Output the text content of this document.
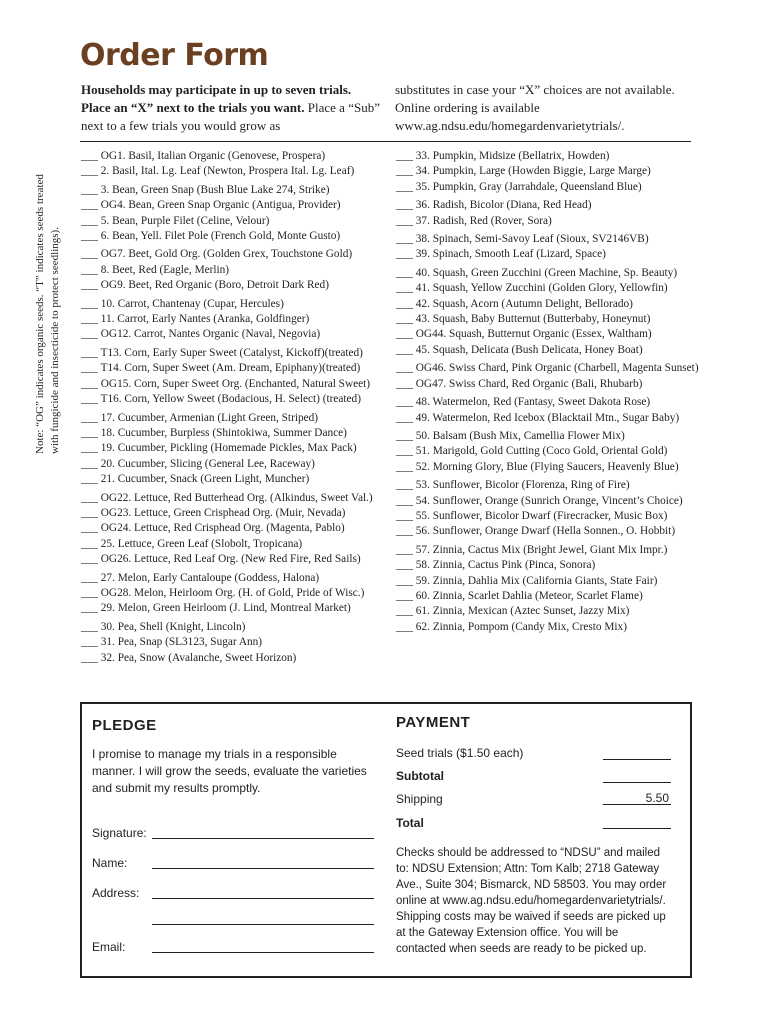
Order Form
Households may participate in up to seven trials.
Place an “X” next to the trials you want. Place a “Sub” next to a few trials you would grow as
substitutes in case your “X” choices are not available. Online ordering is available www.ag.ndsu.edu/homegardenvarietytrials/.
Note: “OG” indicates organic seeds. “T” indicates seeds treated with fungicide and insecticide to protect seedlings).
___ OG1. Basil, Italian Organic (Genovese, Prospera)
___ 2. Basil, Ital. Lg. Leaf (Newton, Prospera Ital. Lg. Leaf)
___ 3. Bean, Green Snap (Bush Blue Lake 274, Strike)
___ OG4. Bean, Green Snap Organic (Antigua, Provider)
___ 5. Bean, Purple Filet (Celine, Velour)
___ 6. Bean, Yell. Filet Pole (French Gold, Monte Gusto)
___ OG7. Beet, Gold Org. (Golden Grex, Touchstone Gold)
___ 8. Beet, Red (Eagle, Merlin)
___ OG9. Beet, Red Organic (Boro, Detroit Dark Red)
___ 10. Carrot, Chantenay (Cupar, Hercules)
___ 11. Carrot, Early Nantes (Aranka, Goldfinger)
___ OG12. Carrot, Nantes Organic (Naval, Negovia)
___ T13. Corn, Early Super Sweet (Catalyst, Kickoff)(treated)
___ T14. Corn, Super Sweet (Am. Dream, Epiphany)(treated)
___ OG15. Corn, Super Sweet Org. (Enchanted, Natural Sweet)
___ T16. Corn, Yellow Sweet (Bodacious, H. Select) (treated)
___ 17. Cucumber, Armenian (Light Green, Striped)
___ 18. Cucumber, Burpless (Shintokiwa, Summer Dance)
___ 19. Cucumber, Pickling (Homemade Pickles, Max Pack)
___ 20. Cucumber, Slicing (General Lee, Raceway)
___ 21. Cucumber, Snack (Green Light, Muncher)
___ OG22. Lettuce, Red Butterhead Org. (Alkindus, Sweet Val.)
___ OG23. Lettuce, Green Crisphead Org. (Muir, Nevada)
___ OG24. Lettuce, Red Crisphead Org. (Magenta, Pablo)
___ 25. Lettuce, Green Leaf (Slobolt, Tropicana)
___ OG26. Lettuce, Red Leaf Org. (New Red Fire, Red Sails)
___ 27. Melon, Early Cantaloupe (Goddess, Halona)
___ OG28. Melon, Heirloom Org. (H. of Gold, Pride of Wisc.)
___ 29. Melon, Green Heirloom (J. Lind, Montreal Market)
___ 30. Pea, Shell (Knight, Lincoln)
___ 31. Pea, Snap (SL3123, Sugar Ann)
___ 32. Pea, Snow (Avalanche, Sweet Horizon)
___ 33. Pumpkin, Midsize (Bellatrix, Howden)
___ 34. Pumpkin, Large (Howden Biggie, Large Marge)
___ 35. Pumpkin, Gray (Jarrahdale, Queensland Blue)
___ 36. Radish, Bicolor (Diana, Red Head)
___ 37. Radish, Red (Rover, Sora)
___ 38. Spinach, Semi-Savoy Leaf (Sioux, SV2146VB)
___ 39. Spinach, Smooth Leaf (Lizard, Space)
___ 40. Squash, Green Zucchini (Green Machine, Sp. Beauty)
___ 41. Squash, Yellow Zucchini (Golden Glory, Yellowfin)
___ 42. Squash, Acorn (Autumn Delight, Bellorado)
___ 43. Squash, Baby Butternut (Butterbaby, Honeynut)
___ OG44. Squash, Butternut Organic (Essex, Waltham)
___ 45. Squash, Delicata (Bush Delicata, Honey Boat)
___ OG46. Swiss Chard, Pink Organic (Charbell, Magenta Sunset)
___ OG47. Swiss Chard, Red Organic (Bali, Rhubarb)
___ 48. Watermelon, Red (Fantasy, Sweet Dakota Rose)
___ 49. Watermelon, Red Icebox (Blacktail Mtn., Sugar Baby)
___ 50. Balsam (Bush Mix, Camellia Flower Mix)
___ 51. Marigold, Gold Cutting (Coco Gold, Oriental Gold)
___ 52. Morning Glory, Blue (Flying Saucers, Heavenly Blue)
___ 53. Sunflower, Bicolor (Florenza, Ring of Fire)
___ 54. Sunflower, Orange (Sunrich Orange, Vincent’s Choice)
___ 55. Sunflower, Bicolor Dwarf (Firecracker, Music Box)
___ 56. Sunflower, Orange Dwarf (Hella Sonnen., O. Hobbit)
___ 57. Zinnia, Cactus Mix (Bright Jewel, Giant Mix Impr.)
___ 58. Zinnia, Cactus Pink (Pinca, Sonora)
___ 59. Zinnia, Dahlia Mix (California Giants, State Fair)
___ 60. Zinnia, Scarlet Dahlia (Meteor, Scarlet Flame)
___ 61. Zinnia, Mexican (Aztec Sunset, Jazzy Mix)
___ 62. Zinnia, Pompom (Candy Mix, Cresto Mix)
PLEDGE
I promise to manage my trials in a responsible manner. I will grow the seeds, evaluate the varieties and submit my results promptly.
Signature:
Name:
Address:
Email:
PAYMENT
Seed trials ($1.50 each)
Subtotal
Shipping	5.50
Total
Checks should be addressed to “NDSU” and mailed to: NDSU Extension; Attn: Tom Kalb; 2718 Gateway Ave., Suite 304; Bismarck, ND 58503. You may order online at www.ag.ndsu.edu/homegardenvarietytrials/. Shipping costs may be waived if seeds are picked up at the Gateway Extension office. You will be contacted when seeds are ready to be picked up.
